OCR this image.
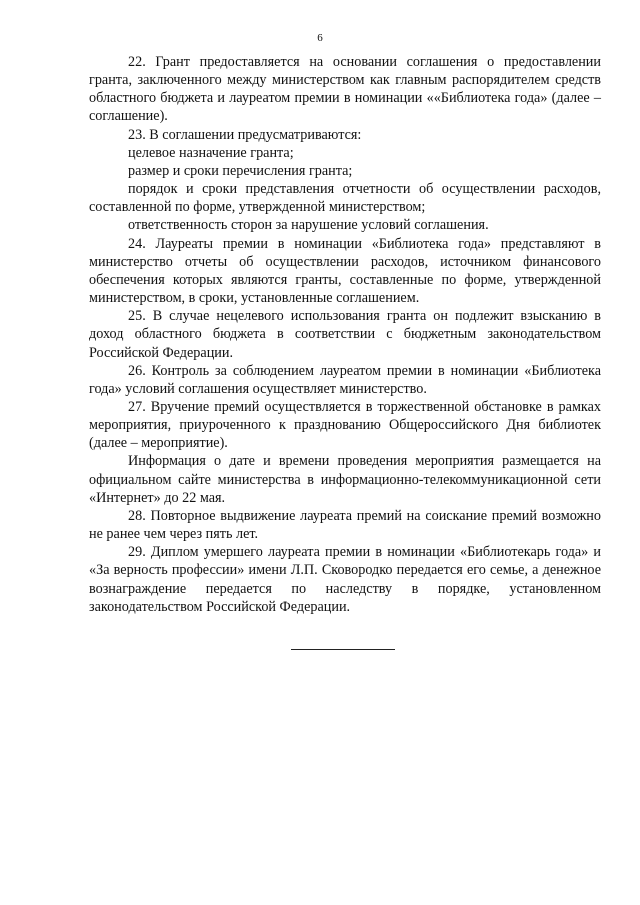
6

22. Грант предоставляется на основании соглашения о предоставлении гранта, заключенного между министерством как главным распорядителем средств областного бюджета и лауреатом премии в номинации ««Библиотека года» (далее – соглашение).

23. В соглашении предусматриваются:

целевое назначение гранта;

размер и сроки перечисления гранта;

порядок и сроки представления отчетности об осуществлении расходов, составленной по форме, утвержденной министерством;

ответственность сторон за нарушение условий соглашения.

24. Лауреаты премии в номинации «Библиотека года» представляют в министерство отчеты об осуществлении расходов, источником финансового обеспечения которых являются гранты, составленные по форме, утвержденной министерством, в сроки, установленные соглашением.

25. В случае нецелевого использования гранта он подлежит взысканию в доход областного бюджета в соответствии с бюджетным законодательством Российской Федерации.

26. Контроль за соблюдением лауреатом премии в номинации «Библиотека года» условий соглашения осуществляет министерство.

27. Вручение премий осуществляется в торжественной обстановке в рамках мероприятия, приуроченного к празднованию Общероссийского Дня библиотек (далее – мероприятие).

Информация о дате и времени проведения мероприятия размещается на официальном сайте министерства в информационно-телекоммуникационной сети «Интернет» до 22 мая.

28. Повторное выдвижение лауреата премий на соискание премий возможно не ранее чем через пять лет.

29. Диплом умершего лауреата премии в номинации «Библиотекарь года» и «За верность профессии» имени Л.П. Сковородко передается его семье, а денежное вознаграждение передается по наследству в порядке, установленном законодательством Российской Федерации.
